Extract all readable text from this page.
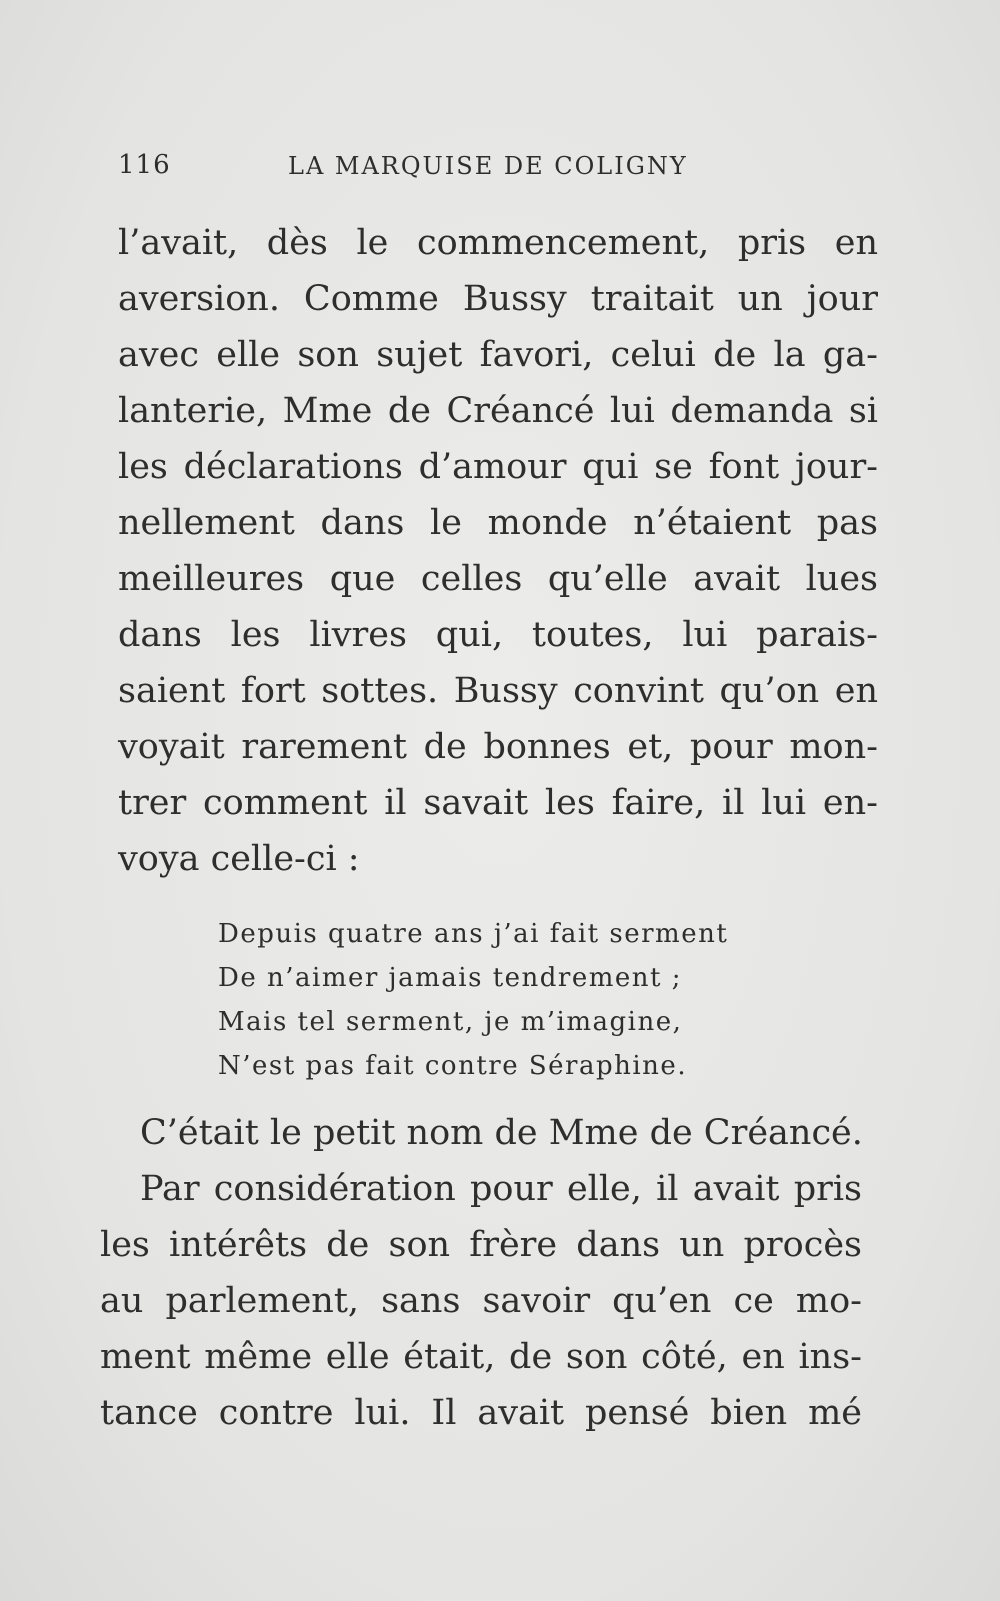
116	LA MARQUISE DE COLIGNY
l’avait, dès le commencement, pris en
aversion. Comme Bussy traitait un jour
avec elle son sujet favori, celui de la ga-
lanterie, Mme de Créancé lui demanda si
les déclarations d’amour qui se font jour-
nellement dans le monde n’étaient pas
meilleures que celles qu’elle avait lues
dans les livres qui, toutes, lui parais-
saient fort sottes. Bussy convint qu’on en
voyait rarement de bonnes et, pour mon-
trer comment il savait les faire, il lui en-
voya celle-ci :
Depuis quatre ans j’ai fait serment
De n’aimer jamais tendrement ;
Mais tel serment, je m’imagine,
N’est pas fait contre Séraphine.
C’était le petit nom de Mme de Créancé.
Par considération pour elle, il avait pris
les intérêts de son frère dans un procès
au parlement, sans savoir qu’en ce mo-
ment même elle était, de son côté, en ins-
tance contre lui. Il avait pensé bien mé
